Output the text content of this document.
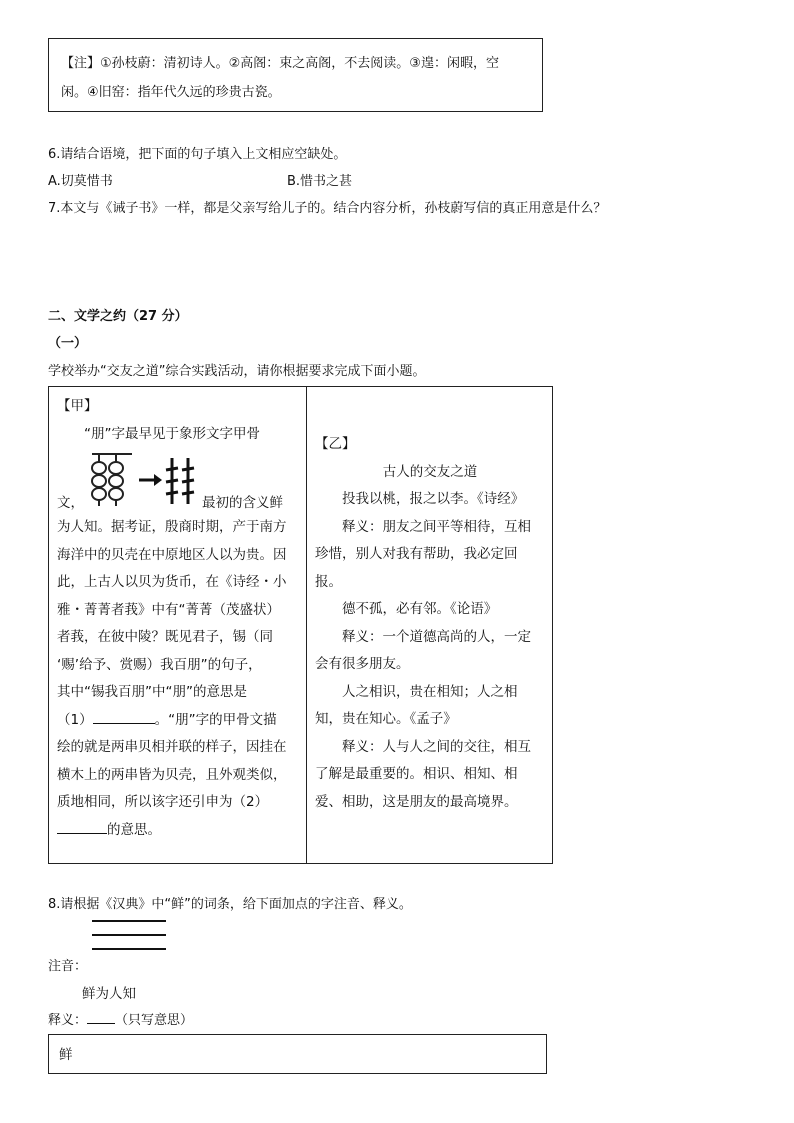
【注】①孙枝蔚：清初诗人。②高阁：束之高阁，不去阅读。③遑：闲暇，空
闲。④旧窑：指年代久远的珍贵古瓷。
6.请结合语境，把下面的句子填入上文相应空缺处。
A.切莫惜书	B.惜书之甚
7.本文与《诫子书》一样，都是父亲写给儿子的。结合内容分析，孙枝蔚写信的真正用意是什么？
二、文学之约（27 分）
（一）
学校举办“交友之道”综合实践活动，请你根据要求完成下面小题。
【甲】
“朋”字最早见于象形文字甲骨
文，	最初的含义鲜
为人知。据考证，殷商时期，产于南方
海洋中的贝壳在中原地区人以为贵。因
此，上古人以贝为货币，在《诗经・小
雅・菁菁者莪》中有“菁菁（茂盛状）
者莪，在彼中陵？既见君子，锡（同
‘赐’给予、赏赐）我百朋”的句子，
其中“锡我百朋”中“朋”的意思是
（1）	。“朋”字的甲骨文描
绘的就是两串贝相并联的样子，因挂在
横木上的两串皆为贝壳，且外观类似，
质地相同，所以该字还引申为（2）
的意思。
【乙】
古人的交友之道
投我以桃，报之以李。《诗经》
释义：朋友之间平等相待，互相
珍惜，别人对我有帮助，我必定回
报。
德不孤，必有邻。《论语》
释义：一个道德高尚的人，一定
会有很多朋友。
人之相识，贵在相知；人之相
知，贵在知心。《孟子》
释义：人与人之间的交往，相互
了解是最重要的。相识、相知、相
爱、相助，这是朋友的最高境界。
8.请根据《汉典》中“鲜”的词条，给下面加点的字注音、释义。
注音：
鲜为人知
释义： （只写意思）
鲜
